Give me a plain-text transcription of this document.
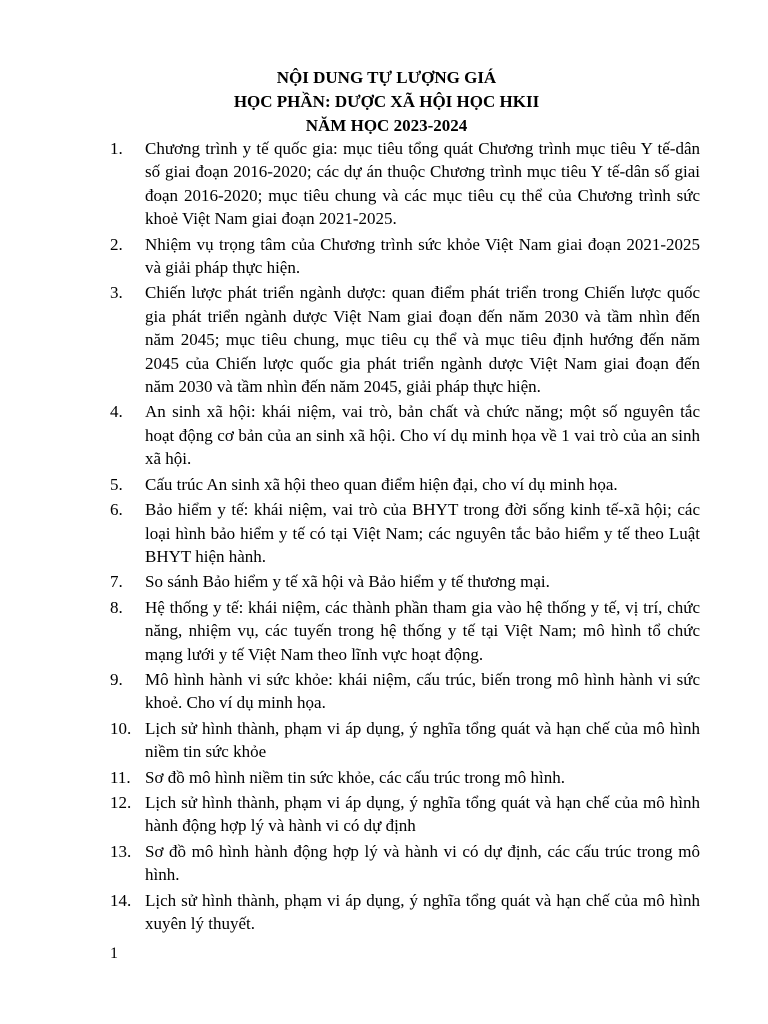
NỘI DUNG TỰ LƯỢNG GIÁ

HỌC PHẦN: DƯỢC XÃ HỘI HỌC HKII

NĂM HỌC 2023-2024

1. Chương trình y tế quốc gia: mục tiêu tổng quát Chương trình mục tiêu Y tế-dân số giai đoạn 2016-2020; các dự án thuộc Chương trình mục tiêu Y tế-dân số giai đoạn 2016-2020; mục tiêu chung và các mục tiêu cụ thể của Chương trình sức khoẻ Việt Nam giai đoạn 2021-2025.
2. Nhiệm vụ trọng tâm của Chương trình sức khỏe Việt Nam giai đoạn 2021-2025 và giải pháp thực hiện.
3. Chiến lược phát triển ngành dược: quan điểm phát triển trong Chiến lược quốc gia phát triển ngành dược Việt Nam giai đoạn đến năm 2030 và tầm nhìn đến năm 2045; mục tiêu chung, mục tiêu cụ thể và mục tiêu định hướng đến năm 2045 của Chiến lược quốc gia phát triển ngành dược Việt Nam giai đoạn đến năm 2030 và tầm nhìn đến năm 2045, giải pháp thực hiện.
4. An sinh xã hội: khái niệm, vai trò, bản chất và chức năng; một số nguyên tắc hoạt động cơ bản của an sinh xã hội. Cho ví dụ minh họa về 1 vai trò của an sinh xã hội.
5. Cấu trúc An sinh xã hội theo quan điểm hiện đại, cho ví dụ minh họa.
6. Bảo hiểm y tế: khái niệm, vai trò của BHYT trong đời sống kinh tế-xã hội; các loại hình bảo hiểm y tế có tại Việt Nam; các nguyên tắc bảo hiểm y tế theo Luật BHYT hiện hành.
7. So sánh Bảo hiểm y tế xã hội và Bảo hiểm y tế thương mại.
8. Hệ thống y tế: khái niệm, các thành phần tham gia vào hệ thống y tế, vị trí, chức năng, nhiệm vụ, các tuyến trong hệ thống y tế tại Việt Nam; mô hình tổ chức mạng lưới y tế Việt Nam theo lĩnh vực hoạt động.
9. Mô hình hành vi sức khỏe: khái niệm, cấu trúc, biến trong mô hình hành vi sức khoẻ. Cho ví dụ minh họa.
10. Lịch sử hình thành, phạm vi áp dụng, ý nghĩa tổng quát và hạn chế của mô hình niềm tin sức khỏe
11. Sơ đồ mô hình niềm tin sức khỏe, các cấu trúc trong mô hình.
12. Lịch sử hình thành, phạm vi áp dụng, ý nghĩa tổng quát và hạn chế của mô hình hành động hợp lý và hành vi có dự định
13. Sơ đồ mô hình hành động hợp lý và hành vi có dự định, các cấu trúc trong mô hình.
14. Lịch sử hình thành, phạm vi áp dụng, ý nghĩa tổng quát và hạn chế của mô hình xuyên lý thuyết.
1
